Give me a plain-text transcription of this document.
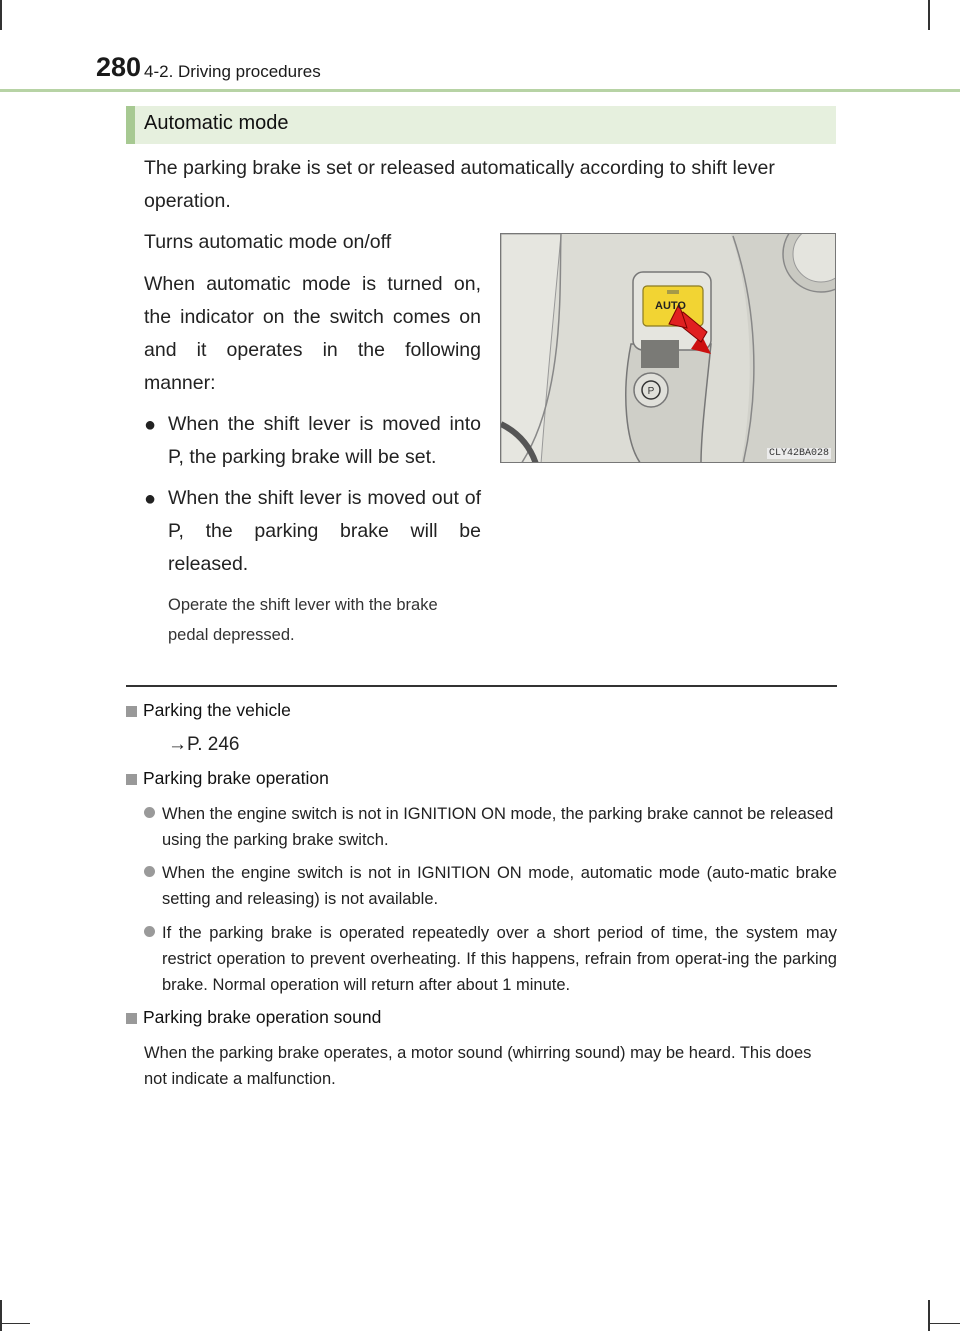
280 4-2. Driving procedures
Automatic mode
The parking brake is set or released automatically according to shift lever operation.
Turns automatic mode on/off
When automatic mode is turned on, the indicator on the switch comes on and it operates in the following manner:
● When the shift lever is moved into P, the parking brake will be set.
● When the shift lever is moved out of P, the parking brake will be released.
Operate the shift lever with the brake pedal depressed.
P
AUTO
CLY42BA028
Parking the vehicle
→P. 246
Parking brake operation
When the engine switch is not in IGNITION ON mode, the parking brake cannot be released using the parking brake switch.
When the engine switch is not in IGNITION ON mode, automatic mode (auto-matic brake setting and releasing) is not available.
If the parking brake is operated repeatedly over a short period of time, the system may restrict operation to prevent overheating. If this happens, refrain from operat-ing the parking brake. Normal operation will return after about 1 minute.
Parking brake operation sound
When the parking brake operates, a motor sound (whirring sound) may be heard. This does not indicate a malfunction.
